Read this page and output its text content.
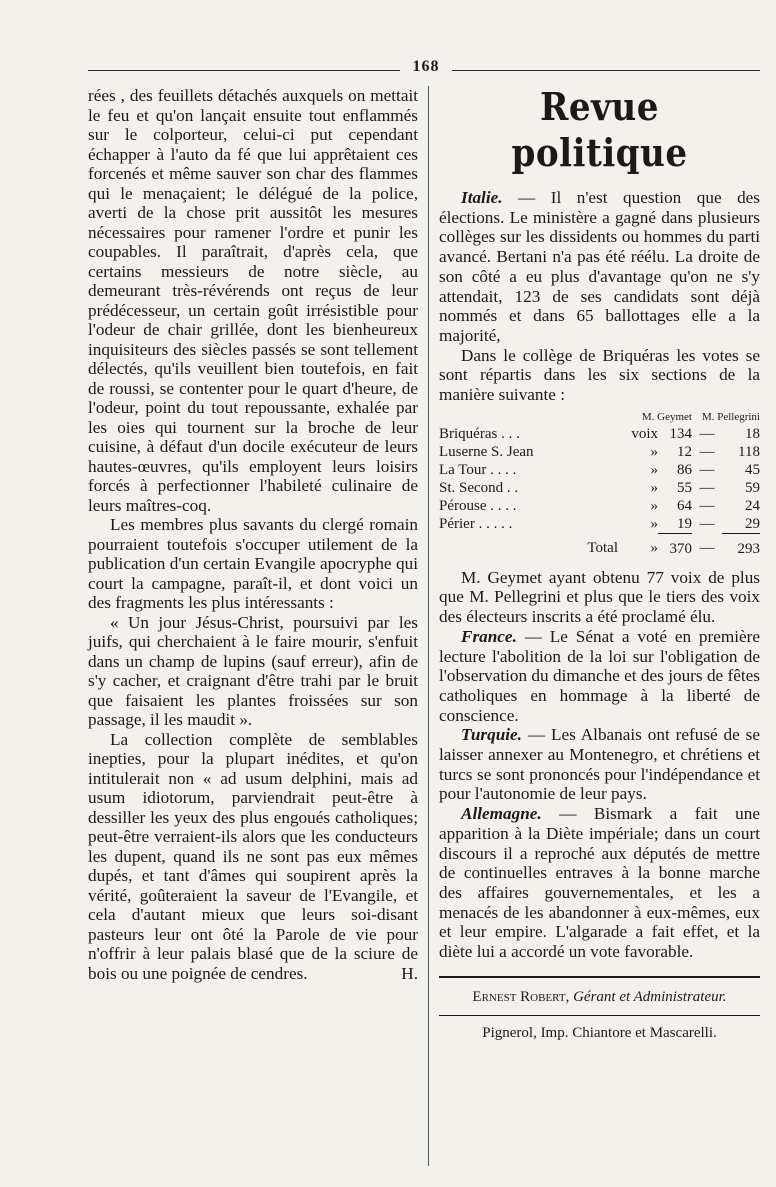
168

rées , des feuillets détachés auxquels on mettait le feu et qu'on lançait ensuite tout enflammés sur le colporteur, celui-ci put cependant échapper à l'auto da fé que lui apprêtaient ces forcenés et même sauver son char des flammes qui le menaçaient; le délégué de la police, averti de la chose prit aussitôt les mesures nécessaires pour ramener l'ordre et punir les coupables. Il paraîtrait, d'après cela, que certains messieurs de notre siècle, au demeurant très-révérends ont reçus de leur prédécesseur, un certain goût irrésistible pour l'odeur de chair grillée, dont les bienheureux inquisiteurs des siècles passés se sont tellement délectés, qu'ils veuillent bien toutefois, en fait de roussi, se contenter pour le quart d'heure, de l'odeur, point du tout repoussante, exhalée par les oies qui tournent sur la broche de leur cuisine, à défaut d'un docile exécuteur de leurs hautes-œuvres, qu'ils employent leurs loisirs forcés à perfectionner l'habileté culinaire de leurs maîtres-coq.

Les membres plus savants du clergé romain pourraient toutefois s'occuper utilement de la publication d'un certain Evangile apocryphe qui court la campagne, paraît-il, et dont voici un des fragments les plus intéressants :

« Un jour Jésus-Christ, poursuivi par les juifs, qui cherchaient à le faire mourir, s'enfuit dans un champ de lupins (sauf erreur), afin de s'y cacher, et craignant d'être trahi par le bruit que faisaient les plantes froissées sur son passage, il les maudit ».

La collection complète de semblables inepties, pour la plupart inédites, et qu'on intitulerait non « ad usum delphini, mais ad usum idiotorum, parviendrait peut-être à dessiller les yeux des plus engoués catholiques; peut-être verraient-ils alors que les conducteurs les dupent, quand ils ne sont pas eux mêmes dupés, et tant d'âmes qui soupirent après la vérité, goûteraient la saveur de l'Evangile, et cela d'autant mieux que leurs soi-disant pasteurs leur ont ôté la Parole de vie pour n'offrir à leur palais blasé que de la sciure de bois ou une poignée de cendres.	H.

Revue politique

Italie. — Il n'est question que des élections. Le ministère a gagné dans plusieurs collèges sur les dissidents ou hommes du parti avancé. Bertani n'a pas été réélu. La droite de son côté a eu plus d'avantage qu'on ne s'y attendait, 123 de ses candidats sont déjà nommés et dans 65 ballottages elle a la majorité,

Dans le collège de Briquéras les votes se sont répartis dans les six sections de la manière suivante :

	M. Geymet		M. Pellegrini	
Briquéras . . .	voix	134	—	18
Luserne S. Jean	»	12	—	118
La Tour . . . .	»	86	—	45
St. Second . .	»	55	—	59
Pérouse . . . .	»	64	—	24
Périer . . . . .	»	19	—	29
Total	»	370	—	293

M. Geymet ayant obtenu 77 voix de plus que M. Pellegrini et plus que le tiers des voix des électeurs inscrits a été proclamé élu.

France. — Le Sénat a voté en première lecture l'abolition de la loi sur l'obligation de l'observation du dimanche et des jours de fêtes catholiques en hommage à la liberté de conscience.

Turquie. — Les Albanais ont refusé de se laisser annexer au Montenegro, et chrétiens et turcs se sont prononcés pour l'indépendance et pour l'autonomie de leur pays.

Allemagne. — Bismark a fait une apparition à la Diète impériale; dans un court discours il a reproché aux députés de mettre de continuelles entraves à la bonne marche des affaires gouvernementales, et les a menacés de les abandonner à eux-mêmes, eux et leur empire. L'algarade a fait effet, et la diète lui a accordé un vote favorable.

Ernest Robert, Gérant et Administrateur.
Pignerol, Imp. Chiantore et Mascarelli.
